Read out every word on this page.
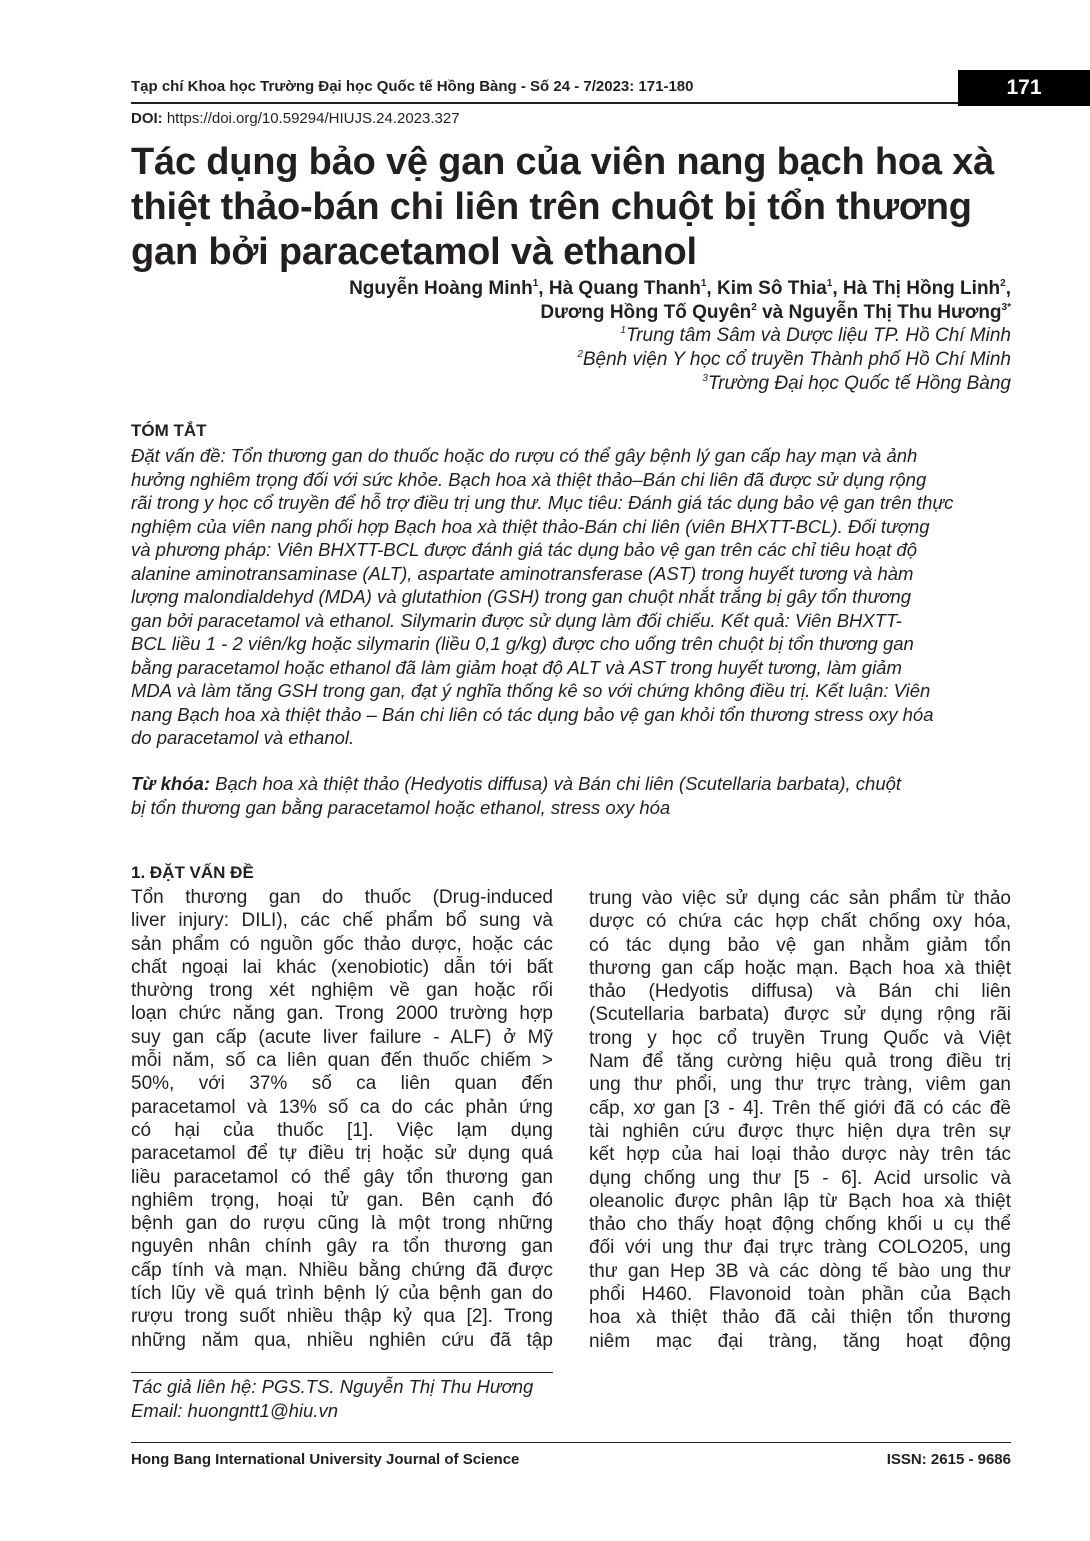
Tạp chí Khoa học Trường Đại học Quốc tế Hồng Bàng - Số 24 - 7/2023: 171-180	171
DOI: https://doi.org/10.59294/HIUJS.24.2023.327
Tác dụng bảo vệ gan của viên nang bạch hoa xà
thiệt thảo-bán chi liên trên chuột bị tổn thương
gan bởi paracetamol và ethanol
Nguyễn Hoàng Minh$^1$, Hà Quang Thanh$^1$, Kim Sô Thia$^1$, Hà Thị Hồng Linh$^2$,
Dương Hồng Tố Quyên$^2$ và Nguyễn Thị Thu Hương$^{3*}$
$^1$Trung tâm Sâm và Dược liệu TP. Hồ Chí Minh
$^2$Bệnh viện Y học cổ truyền Thành phố Hồ Chí Minh
$^3$Trường Đại học Quốc tế Hồng Bàng
TÓM TẮT
Đặt vấn đề: Tổn thương gan do thuốc hoặc do rượu có thể gây bệnh lý gan cấp hay mạn và ảnh
hưởng nghiêm trọng đối với sức khỏe. Bạch hoa xà thiệt thảo–Bán chi liên đã được sử dụng rộng
rãi trong y học cổ truyền để hỗ trợ điều trị ung thư. Mục tiêu: Đánh giá tác dụng bảo vệ gan trên thực
nghiệm của viên nang phối hợp Bạch hoa xà thiệt thảo-Bán chi liên (viên BHXTT-BCL). Đối tượng
và phương pháp: Viên BHXTT-BCL được đánh giá tác dụng bảo vệ gan trên các chỉ tiêu hoạt độ
alanine aminotransaminase (ALT), aspartate aminotransferase (AST) trong huyết tương và hàm
lượng malondialdehyd (MDA) và glutathion (GSH) trong gan chuột nhắt trắng bị gây tổn thương
gan bởi paracetamol và ethanol. Silymarin được sử dụng làm đối chiếu. Kết quả: Viên BHXTT-
BCL liều 1 - 2 viên/kg hoặc silymarin (liều 0,1 g/kg) được cho uống trên chuột bị tổn thương gan
bằng paracetamol hoặc ethanol đã làm giảm hoạt độ ALT và AST trong huyết tương, làm giảm
MDA và làm tăng GSH trong gan, đạt ý nghĩa thống kê so với chứng không điều trị. Kết luận: Viên
nang Bạch hoa xà thiệt thảo – Bán chi liên có tác dụng bảo vệ gan khỏi tổn thương stress oxy hóa
do paracetamol và ethanol.
Từ khóa: Bạch hoa xà thiệt thảo (Hedyotis diffusa) và Bán chi liên (Scutellaria barbata), chuột
bị tổn thương gan bằng paracetamol hoặc ethanol, stress oxy hóa
1. ĐẶT VẤN ĐỀ
Tổn thương gan do thuốc (Drug-induced
liver injury: DILI), các chế phẩm bổ sung và
sản phẩm có nguồn gốc thảo dược, hoặc các
chất ngoại lai khác (xenobiotic) dẫn tới bất
thường trong xét nghiệm về gan hoặc rối
loạn chức năng gan. Trong 2000 trường hợp
suy gan cấp (acute liver failure - ALF) ở Mỹ
mỗi năm, số ca liên quan đến thuốc chiếm >
50%, với 37% số ca liên quan đến
paracetamol và 13% số ca do các phản ứng
có hại của thuốc [1]. Việc lạm dụng
paracetamol để tự điều trị hoặc sử dụng quá
liều paracetamol có thể gây tổn thương gan
nghiêm trọng, hoại tử gan. Bên cạnh đó
bệnh gan do rượu cũng là một trong những
nguyên nhân chính gây ra tổn thương gan
cấp tính và mạn. Nhiều bằng chứng đã được
tích lũy về quá trình bệnh lý của bệnh gan do
rượu trong suốt nhiều thập kỷ qua [2]. Trong
những năm qua, nhiều nghiên cứu đã tập
trung vào việc sử dụng các sản phẩm từ thảo
dược có chứa các hợp chất chống oxy hóa,
có tác dụng bảo vệ gan nhằm giảm tổn
thương gan cấp hoặc mạn. Bạch hoa xà thiệt
thảo (Hedyotis diffusa) và Bán chi liên
(Scutellaria barbata) được sử dụng rộng rãi
trong y học cổ truyền Trung Quốc và Việt
Nam để tăng cường hiệu quả trong điều trị
ung thư phổi, ung thư trực tràng, viêm gan
cấp, xơ gan [3 - 4]. Trên thế giới đã có các đề
tài nghiên cứu được thực hiện dựa trên sự
kết hợp của hai loại thảo dược này trên tác
dụng chống ung thư [5 - 6]. Acid ursolic và
oleanolic được phân lập từ Bạch hoa xà thiệt
thảo cho thấy hoạt động chống khối u cụ thể
đối với ung thư đại trực tràng COLO205, ung
thư gan Hep 3B và các dòng tế bào ung thư
phổi H460. Flavonoid toàn phần của Bạch
hoa xà thiệt thảo đã cải thiện tổn thương
niêm mạc đại tràng, tăng hoạt động
Tác giả liên hệ: PGS.TS. Nguyễn Thị Thu Hương
Email: huongntt1@hiu.vn
Hong Bang International University Journal of Science	ISSN: 2615 - 9686
